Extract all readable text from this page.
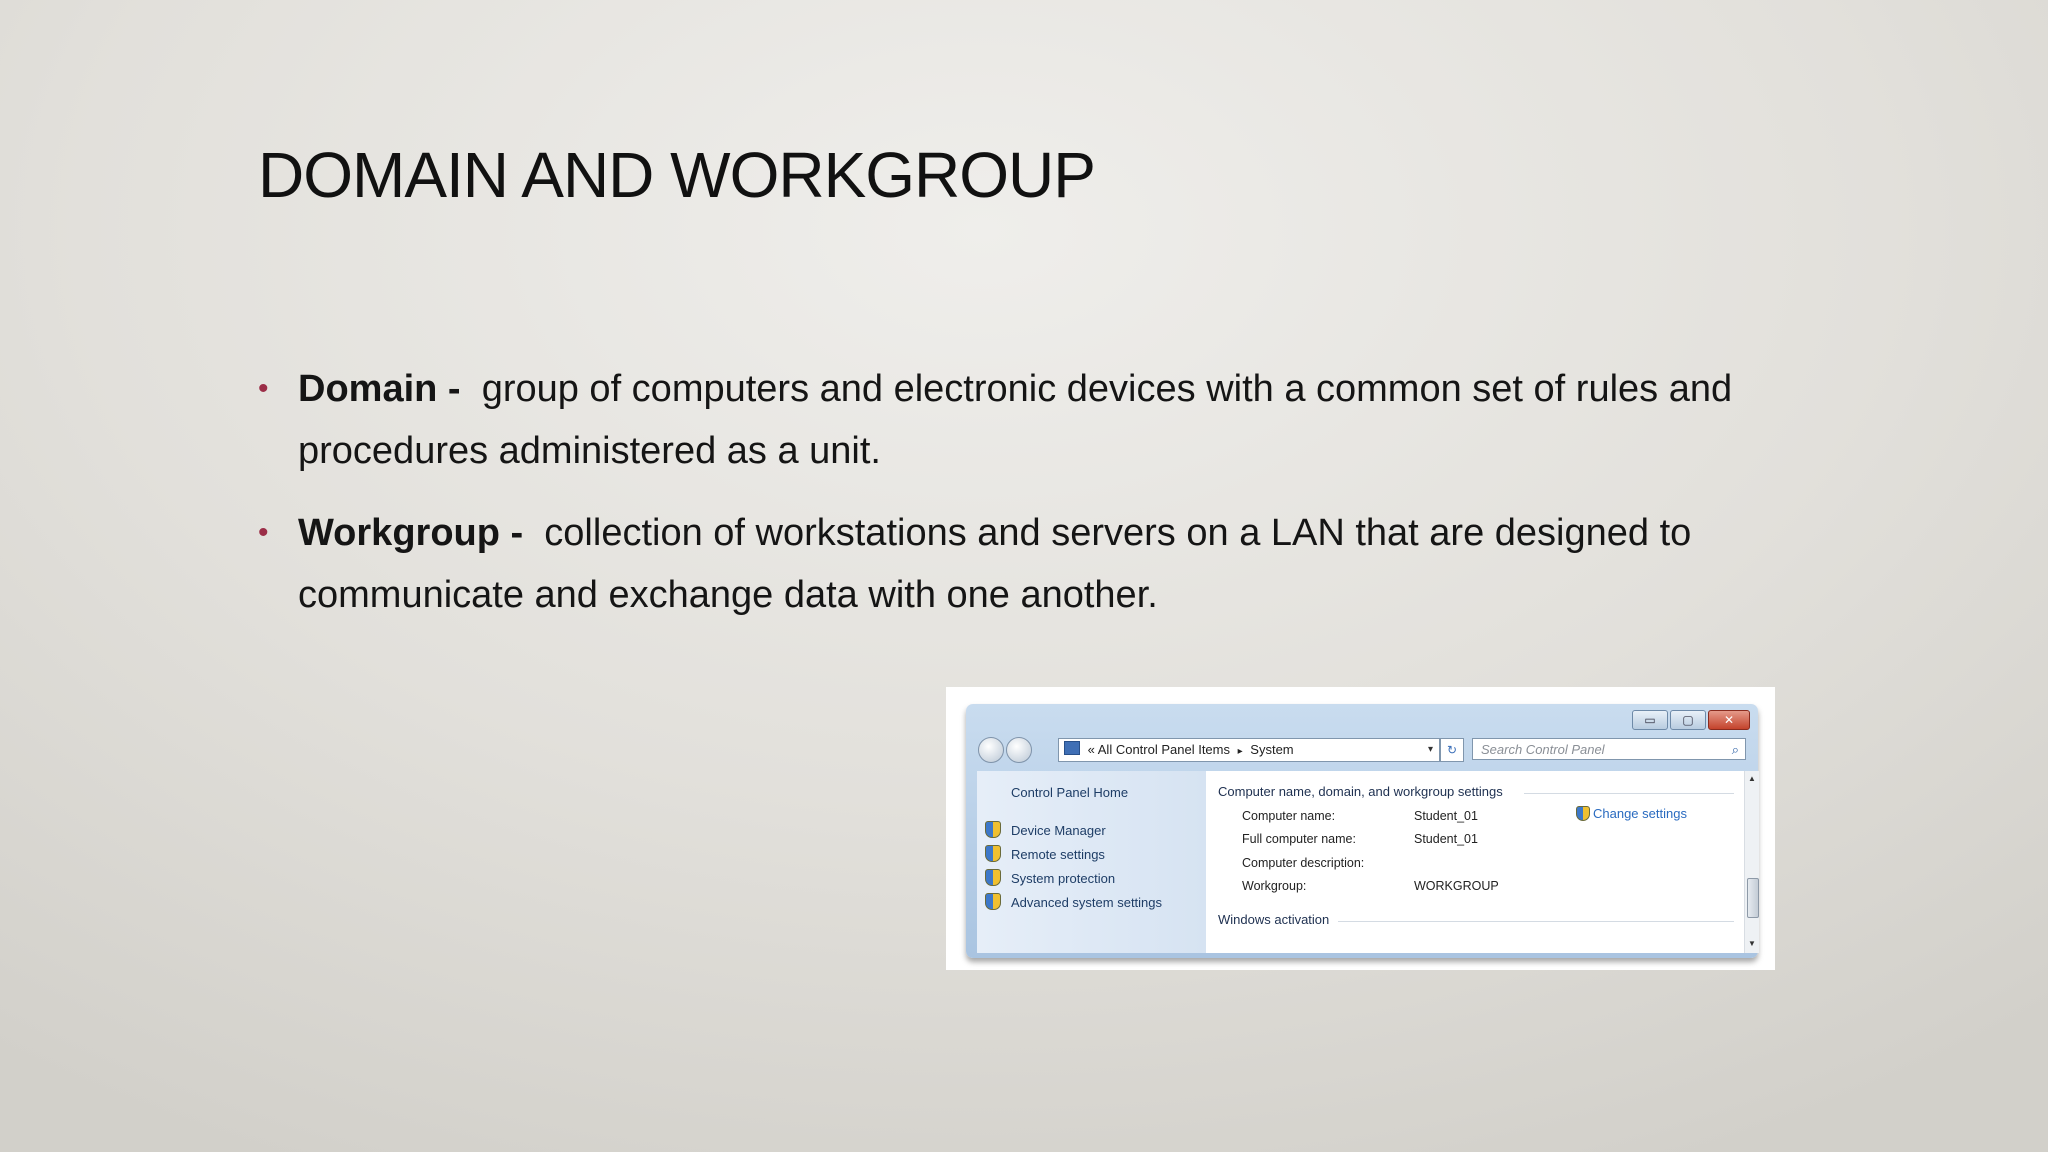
DOMAIN AND WORKGROUP
• Domain - group of computers and electronic devices with a common set of rules and procedures administered as a unit.
• Workgroup - collection of workstations and servers on a LAN that are designed to communicate and exchange data with one another.
▭	▢	✕
« All Control Panel Items ▸ System	▾	↻	Search Control Panel	⌕
Control Panel Home
Device Manager
Remote settings
System protection
Advanced system settings
Computer name, domain, and workgroup settings
Computer name:	Student_01
Full computer name:	Student_01
Computer description:
Workgroup:	WORKGROUP
Change settings
Windows activation
▲
▼
